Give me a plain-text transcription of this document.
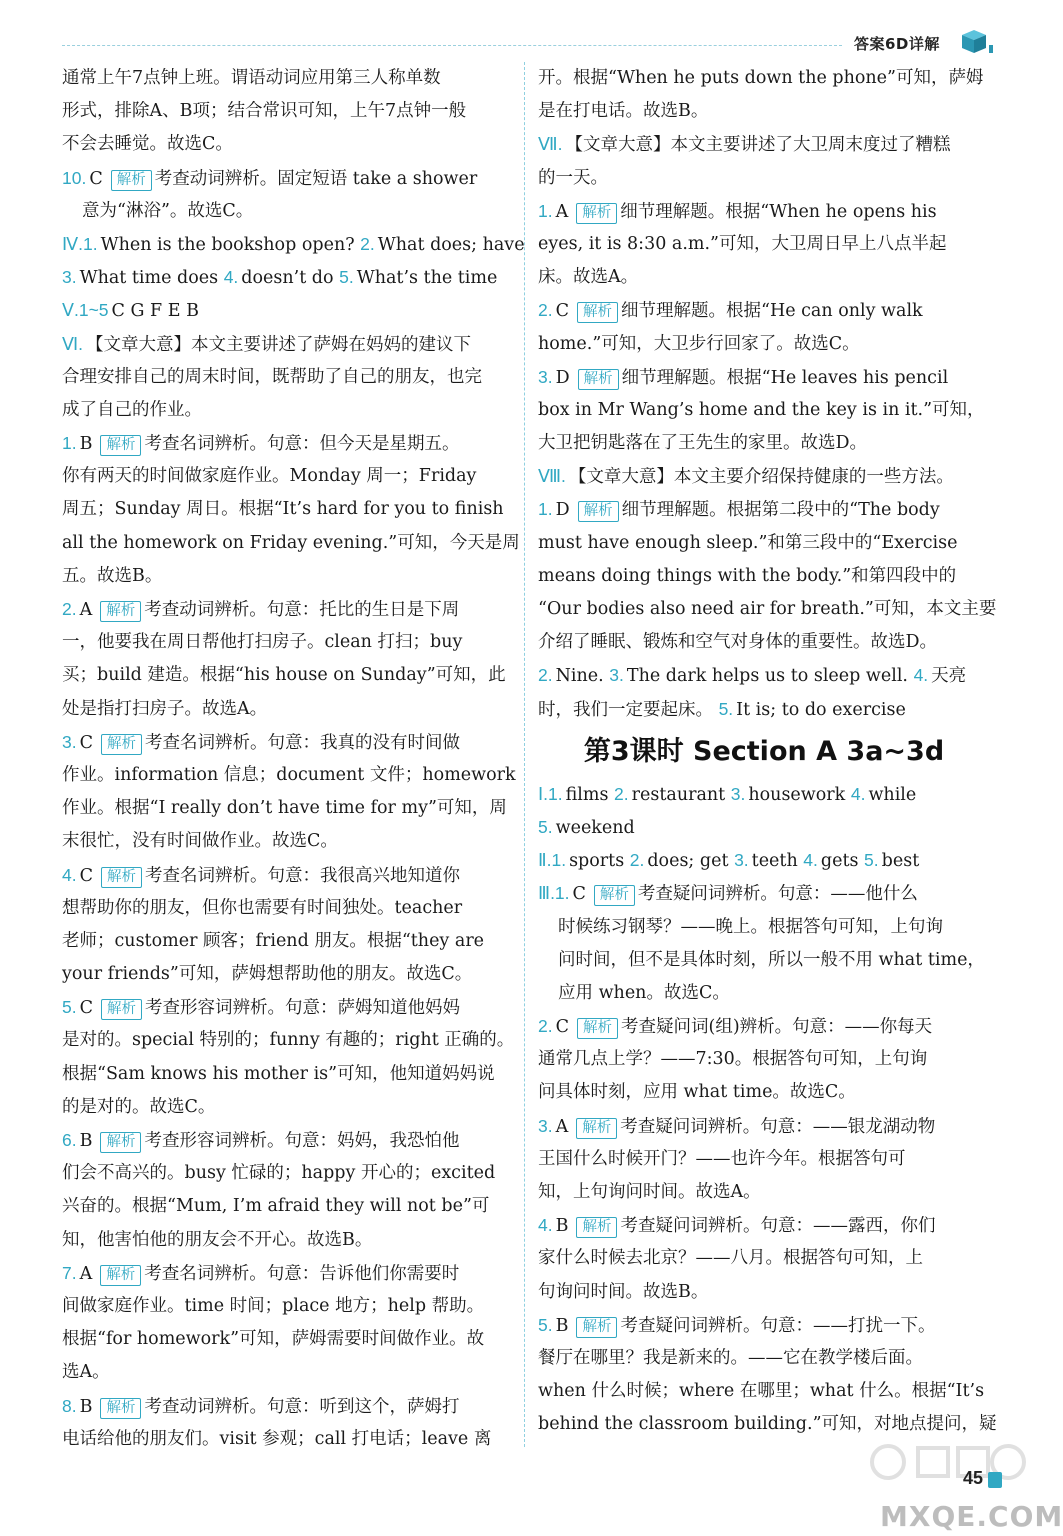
答案6D详解
通常上午7点钟上班。谓语动词应用第三人称单数
形式，排除A、B项；结合常识可知，上午7点钟一般
不会去睡觉。故选C。
10. C 解析 考查动词辨析。固定短语 take a shower
意为“淋浴”。故选C。
Ⅳ.1. When is the bookshop open? 2. What does; have
3. What time does 4. doesn’t do 5. What’s the time
Ⅴ.1~5 C G F E B
Ⅵ. 【文章大意】本文主要讲述了萨姆在妈妈的建议下
合理安排自己的周末时间，既帮助了自己的朋友，也完
成了自己的作业。
1. B 解析 考查名词辨析。句意：但今天是星期五。
你有两天的时间做家庭作业。Monday 周一；Friday
周五；Sunday 周日。根据“It’s hard for you to finish
all the homework on Friday evening.”可知，今天是周
五。故选B。
2. A 解析 考查动词辨析。句意：托比的生日是下周
一，他要我在周日帮他打扫房子。clean 打扫；buy
买；build 建造。根据“his house on Sunday”可知，此
处是指打扫房子。故选A。
3. C 解析 考查名词辨析。句意：我真的没有时间做
作业。information 信息；document 文件；homework
作业。根据“I really don’t have time for my”可知，周
末很忙，没有时间做作业。故选C。
4. C 解析 考查名词辨析。句意：我很高兴地知道你
想帮助你的朋友，但你也需要有时间独处。teacher
老师；customer 顾客；friend 朋友。根据“they are
your friends”可知，萨姆想帮助他的朋友。故选C。
5. C 解析 考查形容词辨析。句意：萨姆知道他妈妈
是对的。special 特别的；funny 有趣的；right 正确的。
根据“Sam knows his mother is”可知，他知道妈妈说
的是对的。故选C。
6. B 解析 考查形容词辨析。句意：妈妈，我恐怕他
们会不高兴的。busy 忙碌的；happy 开心的；excited
兴奋的。根据“Mum, I’m afraid they will not be”可
知，他害怕他的朋友会不开心。故选B。
7. A 解析 考查名词辨析。句意：告诉他们你需要时
间做家庭作业。time 时间；place 地方；help 帮助。
根据“for homework”可知，萨姆需要时间做作业。故
选A。
8. B 解析 考查动词辨析。句意：听到这个，萨姆打
电话给他的朋友们。visit 参观；call 打电话；leave 离
开。根据“When he puts down the phone”可知，萨姆
是在打电话。故选B。
Ⅶ. 【文章大意】本文主要讲述了大卫周末度过了糟糕
的一天。
1. A 解析 细节理解题。根据“When he opens his
eyes, it is 8:30 a.m.”可知，大卫周日早上八点半起
床。故选A。
2. C 解析 细节理解题。根据“He can only walk
home.”可知，大卫步行回家了。故选C。
3. D 解析 细节理解题。根据“He leaves his pencil
box in Mr Wang’s home and the key is in it.”可知，
大卫把钥匙落在了王先生的家里。故选D。
Ⅷ. 【文章大意】本文主要介绍保持健康的一些方法。
1. D 解析 细节理解题。根据第二段中的“The body
must have enough sleep.”和第三段中的“Exercise
means doing things with the body.”和第四段中的
“Our bodies also need air for breath.”可知，本文主要
介绍了睡眠、锻炼和空气对身体的重要性。故选D。
2. Nine. 3. The dark helps us to sleep well. 4. 天亮
时，我们一定要起床。 5. It is; to do exercise
第3课时 Section A 3a~3d
Ⅰ.1. films 2. restaurant 3. housework 4. while
5. weekend
Ⅱ.1. sports 2. does; get 3. teeth 4. gets 5. best
Ⅲ.1. C 解析 考查疑问词辨析。句意：——他什么
时候练习钢琴？——晚上。根据答句可知，上句询
问时间，但不是具体时刻，所以一般不用 what time，
应用 when。故选C。
2. C 解析 考查疑问词(组)辨析。句意：——你每天
通常几点上学？——7:30。根据答句可知，上句询
问具体时刻，应用 what time。故选C。
3. A 解析 考查疑问词辨析。句意：——银龙湖动物
王国什么时候开门？——也许今年。根据答句可
知，上句询问时间。故选A。
4. B 解析 考查疑问词辨析。句意：——露西，你们
家什么时候去北京？——八月。根据答句可知，上
句询问时间。故选B。
5. B 解析 考查疑问词辨析。句意：——打扰一下。
餐厅在哪里？我是新来的。——它在教学楼后面。
when 什么时候；where 在哪里；what 什么。根据“It’s
behind the classroom building.”可知，对地点提问，疑
MXQE.COM
45
